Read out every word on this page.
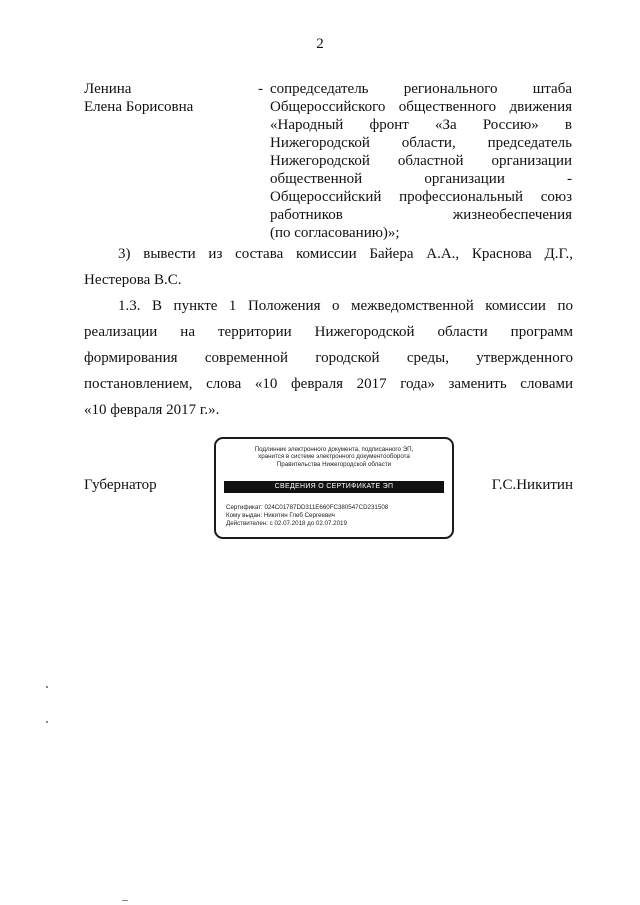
2
Ленина
Елена Борисовна
- сопредседатель регионального штаба
Общероссийского общественного движения
«Народный фронт «За Россию» в
Нижегородской области, председатель
Нижегородской областной организации
общественной организации -
Общероссийский профессиональный союз
работников жизнеобеспечения
(по согласованию)»;
3) вывести из состава комиссии Байера А.А., Краснова Д.Г.,
Нестерова В.С.
1.3. В пункте 1 Положения о межведомственной комиссии по
реализации на территории Нижегородской области программ
формирования современной городской среды, утвержденного
постановлением, слова «10 февраля 2017 года» заменить словами
«10 февраля 2017 г.».
Губернатор	Г.С.Никитин
Подлинник электронного документа, подписанного ЭП,
хранится в системе электронного документооборота
Правительства Нижегородской области
СВЕДЕНИЯ О СЕРТИФИКАТЕ ЭП
Сертификат: 024C01787DD311E660FC380547CD231508
Кому выдан: Никитин Глеб Сергеевич
Действителен: с 02.07.2018 до 02.07.2019
